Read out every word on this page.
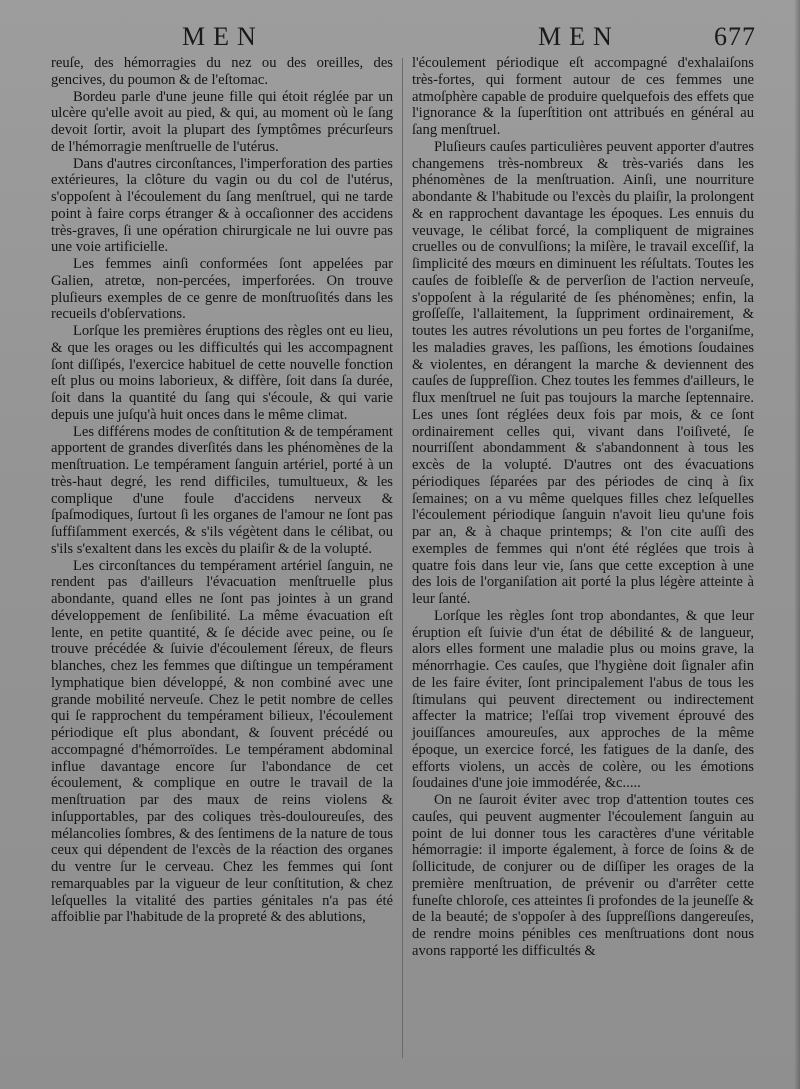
MEN	MEN	677

reuſe, des hémorragies du nez ou des oreilles, des gencives, du poumon & de l'eſtomac.

Bordeu parle d'une jeune fille qui étoit réglée par un ulcère qu'elle avoit au pied, & qui, au moment où le ſang devoit ſortir, avoit la plupart des ſymptômes précurſeurs de l'hémorragie menſtruelle de l'utérus.

Dans d'autres circonſtances, l'imperforation des parties extérieures, la clôture du vagin ou du col de l'utérus, s'oppoſent à l'écoulement du ſang menſtruel, qui ne tarde point à faire corps étranger & à occaſionner des accidens très-graves, ſi une opération chirurgicale ne lui ouvre pas une voie artificielle.

Les femmes ainſi conformées ſont appelées par Galien, atretœ, non-percées, imperforées. On trouve pluſieurs exemples de ce genre de monſtruoſités dans les recueils d'obſervations.

Lorſque les premières éruptions des règles ont eu lieu, & que les orages ou les difficultés qui les accompagnent ſont diſſipés, l'exercice habituel de cette nouvelle fonction eſt plus ou moins laborieux, & diffère, ſoit dans ſa durée, ſoit dans la quantité du ſang qui s'écoule, & qui varie depuis une juſqu'à huit onces dans le même climat.

Les différens modes de conſtitution & de tempérament apportent de grandes diverſités dans les phénomènes de la menſtruation. Le tempérament ſanguin artériel, porté à un très-haut degré, les rend difficiles, tumultueux, & les complique d'une foule d'accidens nerveux & ſpaſmodiques, ſurtout ſi les organes de l'amour ne ſont pas ſuffiſamment exercés, & s'ils végètent dans le célibat, ou s'ils s'exaltent dans les excès du plaiſir & de la volupté.

Les circonſtances du tempérament artériel ſanguin, ne rendent pas d'ailleurs l'évacuation menſtruelle plus abondante, quand elles ne ſont pas jointes à un grand développement de ſenſibilité. La même évacuation eſt lente, en petite quantité, & ſe décide avec peine, ou ſe trouve précédée & ſuivie d'écoulement ſéreux, de fleurs blanches, chez les femmes que diſtingue un tempérament lymphatique bien développé, & non combiné avec une grande mobilité nerveuſe. Chez le petit nombre de celles qui ſe rapprochent du tempérament bilieux, l'écoulement périodique eſt plus abondant, & ſouvent précédé ou accompagné d'hémorroïdes. Le tempérament abdominal influe davantage encore ſur l'abondance de cet écoulement, & complique en outre le travail de la menſtruation par des maux de reins violens & inſupportables, par des coliques très-douloureuſes, des mélancolies ſombres, & des ſentimens de la nature de tous ceux qui dépendent de l'excès de la réaction des organes du ventre ſur le cerveau. Chez les femmes qui ſont remarquables par la vigueur de leur conſtitution, & chez leſquelles la vitalité des parties génitales n'a pas été affoiblie par l'habitude de la propreté & des ablutions,

l'écoulement périodique eſt accompagné d'exhalaiſons très-fortes, qui forment autour de ces femmes une atmoſphère capable de produire quelquefois des effets que l'ignorance & la ſuperſtition ont attribués en général au ſang menſtruel.

Pluſieurs cauſes particulières peuvent apporter d'autres changemens très-nombreux & très-variés dans les phénomènes de la menſtruation. Ainſi, une nourriture abondante & l'habitude ou l'excès du plaiſir, la prolongent & en rapprochent davantage les époques. Les ennuis du veuvage, le célibat forcé, la compliquent de migraines cruelles ou de convulſions; la miſère, le travail exceſſif, la ſimplicité des mœurs en diminuent les réſultats. Toutes les cauſes de foibleſſe & de perverſion de l'action nerveuſe, s'oppoſent à la régularité de ſes phénomènes; enfin, la groſſeſſe, l'allaitement, la ſuppriment ordinairement, & toutes les autres révolutions un peu fortes de l'organiſme, les maladies graves, les paſſions, les émotions ſoudaines & violentes, en dérangent la marche & deviennent des cauſes de ſuppreſſion. Chez toutes les femmes d'ailleurs, le flux menſtruel ne ſuit pas toujours la marche ſeptennaire. Les unes ſont réglées deux fois par mois, & ce ſont ordinairement celles qui, vivant dans l'oiſiveté, ſe nourriſſent abondamment & s'abandonnent à tous les excès de la volupté. D'autres ont des évacuations périodiques ſéparées par des périodes de cinq à ſix ſemaines; on a vu même quelques filles chez leſquelles l'écoulement périodique ſanguin n'avoit lieu qu'une fois par an, & à chaque printemps; & l'on cite auſſi des exemples de femmes qui n'ont été réglées que trois à quatre fois dans leur vie, ſans que cette exception à une des lois de l'organiſation ait porté la plus légère atteinte à leur ſanté.

Lorſque les règles ſont trop abondantes, & que leur éruption eſt ſuivie d'un état de débilité & de langueur, alors elles forment une maladie plus ou moins grave, la ménorrhagie. Ces cauſes, que l'hygiène doit ſignaler afin de les faire éviter, ſont principalement l'abus de tous les ſtimulans qui peuvent directement ou indirectement affecter la matrice; l'eſſai trop vivement éprouvé des jouiſſances amoureuſes, aux approches de la même époque, un exercice forcé, les fatigues de la danſe, des efforts violens, un accès de colère, ou les émotions ſoudaines d'une joie immodérée, &c.....

On ne ſauroit éviter avec trop d'attention toutes ces cauſes, qui peuvent augmenter l'écoulement ſanguin au point de lui donner tous les caractères d'une véritable hémorragie: il importe également, à force de ſoins & de ſollicitude, de conjurer ou de diſſiper les orages de la première menſtruation, de prévenir ou d'arrêter cette funeſte chloroſe, ces atteintes ſi profondes de la jeuneſſe & de la beauté; de s'oppoſer à des ſuppreſſions dangereuſes, de rendre moins pénibles ces menſtruations dont nous avons rapporté les difficultés &
